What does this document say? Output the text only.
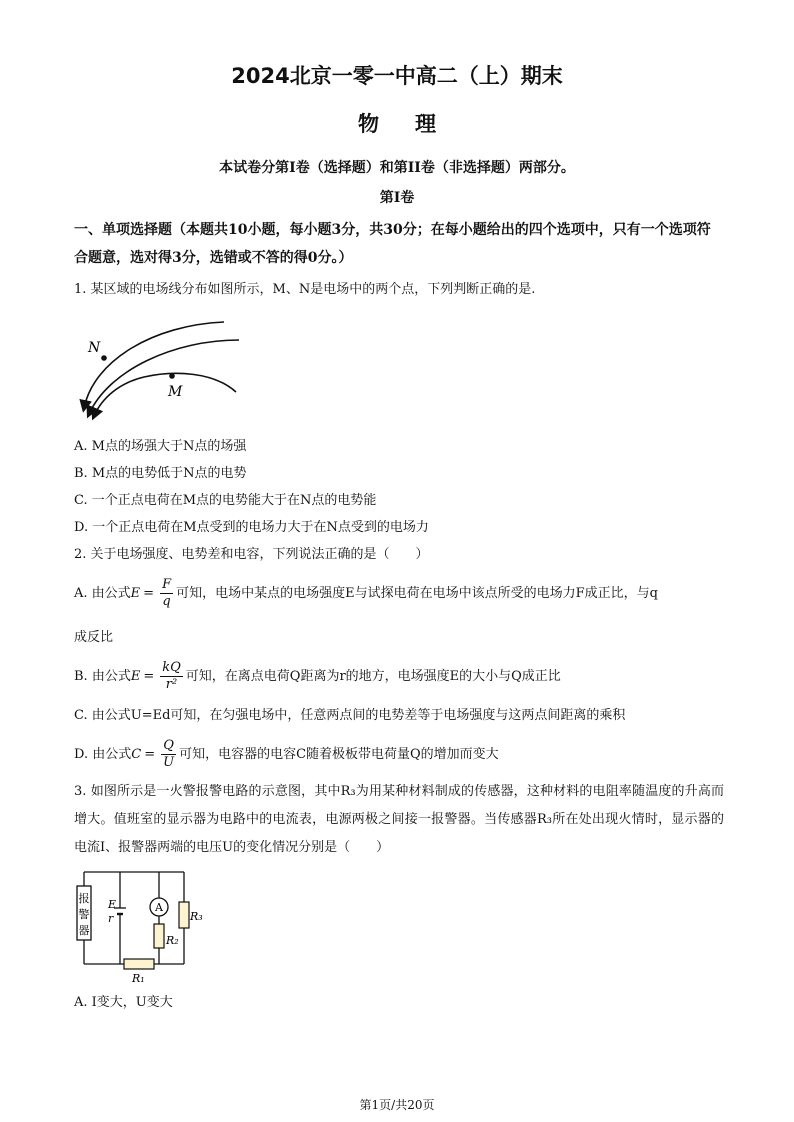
2024北京一零一中高二（上）期末
物理
本试卷分第I卷（选择题）和第II卷（非选择题）两部分。
第I卷
一、单项选择题（本题共10小题，每小题3分，共30分；在每小题给出的四个选项中，只有一个选项符合题意，选对得3分，选错或不答的得0分。）
1. 某区域的电场线分布如图所示，M、N是电场中的两个点，下列判断正确的是.
N
M
A. M点的场强大于N点的场强
B. M点的电势低于N点的电势
C. 一个正点电荷在M点的电势能大于在N点的电势能
D. 一个正点电荷在M点受到的电场力大于在N点受到的电场力
2. 关于电场强度、电势差和电容，下列说法正确的是（　　）
A. 由公式$E = \frac{F}{q}$ 可知，电场中某点的电场强度E与试探电荷在电场中该点所受的电场力F成正比，与q
成反比
B. 由公式$E = \frac{kQ}{\text{r²}}$ 可知，在离点电荷Q距离为r的地方，电场强度E的大小与Q成正比
C. 由公式U=Ed可知，在匀强电场中，任意两点间的电势差等于电场强度与这两点间距离的乘积
D. 由公式$C = \frac{Q}{U}$ 可知，电容器的电容C随着极板带电荷量Q的增加而变大
3. 如图所示是一火警报警电路的示意图，其中R₃为用某种材料制成的传感器，这种材料的电阻率随温度的升高而增大。值班室的显示器为电路中的电流表，电源两极之间接一报警器。当传感器R₃所在处出现火情时，显示器的电流I、报警器两端的电压U的变化情况分别是（　　）
报
警
器
E
r
A
R₂
R₃
R₁
A. I变大，U变大
第1页/共20页
